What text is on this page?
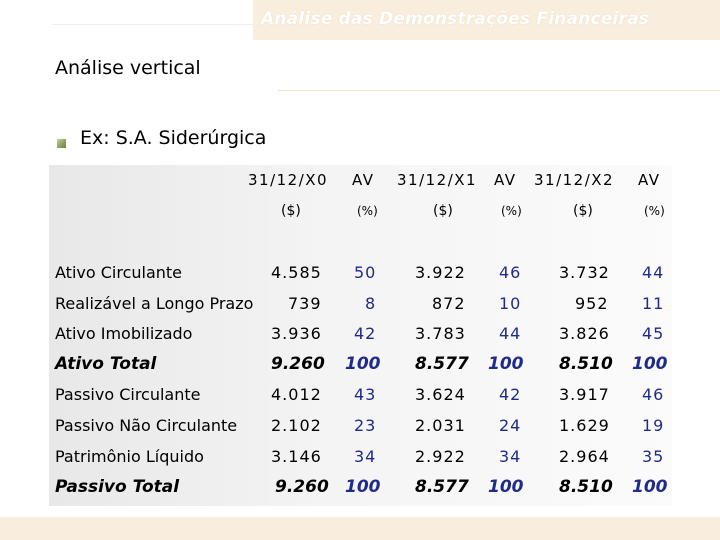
Análise das Demonstrações Financeiras
Análise vertical
Ex: S.A. Siderúrgica
31/12/X0 AV 31/12/X1 AV 31/12/X2 AV
($)	(%)	($)	(%)	($)	(%)
Ativo Circulante	4.585 50 3.922 46 3.732 44
Realizável a Longo Prazo 739	8	872 10	952 11
Ativo Imobilizado	3.936 42 3.783 44 3.826 45
Ativo Total	9.260 100 8.577 100 8.510 100
Passivo Circulante	4.012 43 3.624 42 3.917 46
Passivo Não Circulante 2.102 23 2.031 24 1.629 19
Patrimônio Líquido	3.146 34 2.922 34 2.964 35
Passivo Total	9.260 100 8.577 100 8.510 100
